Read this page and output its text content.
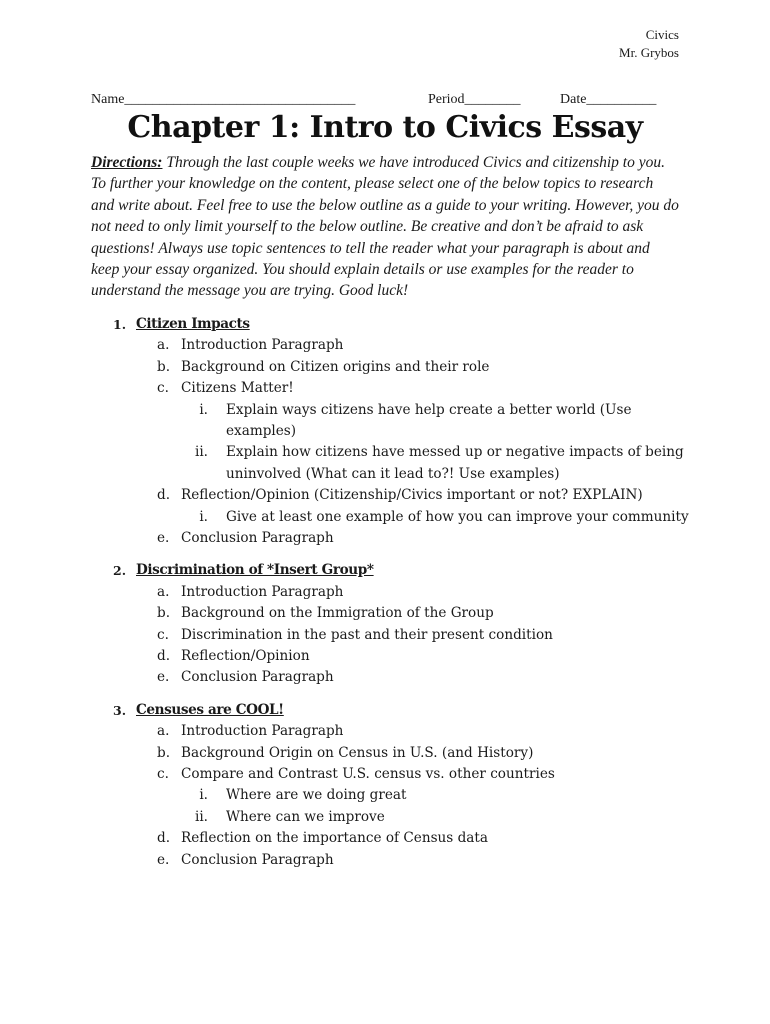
Civics
Mr. Grybos
Name_________________________________	Period________	Date__________
Chapter 1: Intro to Civics Essay
Directions: Through the last couple weeks we have introduced Civics and citizenship to you. To further your knowledge on the content, please select one of the below topics to research and write about. Feel free to use the below outline as a guide to your writing. However, you do not need to only limit yourself to the below outline. Be creative and don’t be afraid to ask questions! Always use topic sentences to tell the reader what your paragraph is about and keep your essay organized. You should explain details or use examples for the reader to understand the message you are trying. Good luck!
1. Citizen Impacts
a. Introduction Paragraph
b. Background on Citizen origins and their role
c. Citizens Matter!
i. Explain ways citizens have help create a better world (Use examples)
ii. Explain how citizens have messed up or negative impacts of being uninvolved (What can it lead to?! Use examples)
d. Reflection/Opinion (Citizenship/Civics important or not? EXPLAIN)
i. Give at least one example of how you can improve your community
e. Conclusion Paragraph
2. Discrimination of *Insert Group*
a. Introduction Paragraph
b. Background on the Immigration of the Group
c. Discrimination in the past and their present condition
d. Reflection/Opinion
e. Conclusion Paragraph
3. Censuses are COOL!
a. Introduction Paragraph
b. Background Origin on Census in U.S. (and History)
c. Compare and Contrast U.S. census vs. other countries
i. Where are we doing great
ii. Where can we improve
d. Reflection on the importance of Census data
e. Conclusion Paragraph
